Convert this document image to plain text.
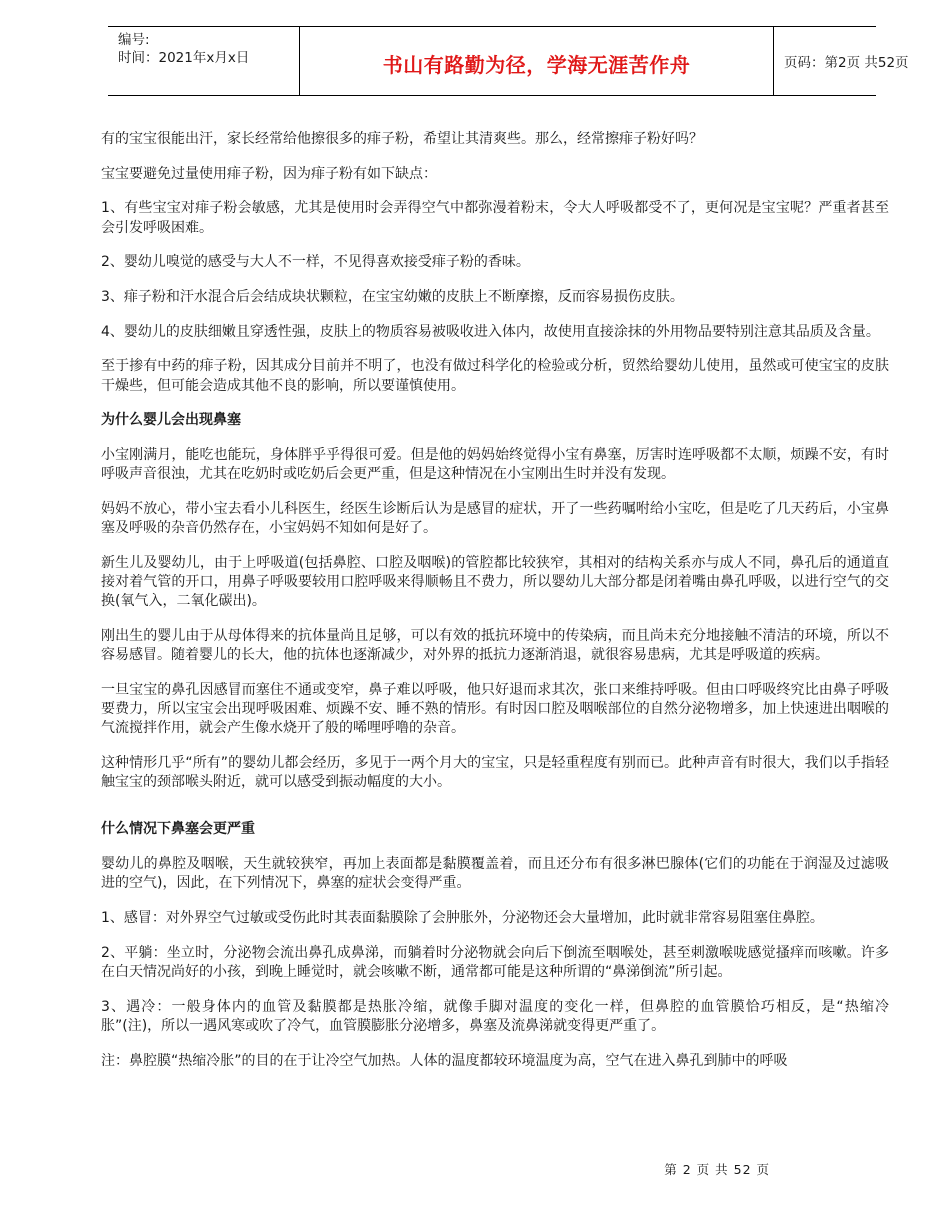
编号:
时间：2021年x月x日	书山有路勤为径，学海无涯苦作舟	页码：第2页 共52页

有的宝宝很能出汗，家长经常给他擦很多的痱子粉，希望让其清爽些。那么，经常擦痱子粉好吗？

宝宝要避免过量使用痱子粉，因为痱子粉有如下缺点：

1、有些宝宝对痱子粉会敏感，尤其是使用时会弄得空气中都弥漫着粉末，令大人呼吸都受不了，更何况是宝宝呢？严重者甚至会引发呼吸困难。

2、婴幼儿嗅觉的感受与大人不一样，不见得喜欢接受痱子粉的香味。

3、痱子粉和汗水混合后会结成块状颗粒，在宝宝幼嫩的皮肤上不断摩擦，反而容易损伤皮肤。

4、婴幼儿的皮肤细嫩且穿透性强，皮肤上的物质容易被吸收进入体内，故使用直接涂抹的外用物品要特别注意其品质及含量。

至于掺有中药的痱子粉，因其成分目前并不明了，也没有做过科学化的检验或分析，贸然给婴幼儿使用，虽然或可使宝宝的皮肤干燥些，但可能会造成其他不良的影响，所以要谨慎使用。

为什么婴儿会出现鼻塞

小宝刚满月，能吃也能玩，身体胖乎乎得很可爱。但是他的妈妈始终觉得小宝有鼻塞，厉害时连呼吸都不太顺，烦躁不安，有时呼吸声音很浊，尤其在吃奶时或吃奶后会更严重，但是这种情况在小宝刚出生时并没有发现。

妈妈不放心，带小宝去看小儿科医生，经医生诊断后认为是感冒的症状，开了一些药嘱咐给小宝吃，但是吃了几天药后，小宝鼻塞及呼吸的杂音仍然存在，小宝妈妈不知如何是好了。

新生儿及婴幼儿，由于上呼吸道(包括鼻腔、口腔及咽喉)的管腔都比较狭窄，其相对的结构关系亦与成人不同，鼻孔后的通道直接对着气管的开口，用鼻子呼吸要较用口腔呼吸来得顺畅且不费力，所以婴幼儿大部分都是闭着嘴由鼻孔呼吸，以进行空气的交换(氧气入，二氧化碳出)。

刚出生的婴儿由于从母体得来的抗体量尚且足够，可以有效的抵抗环境中的传染病，而且尚未充分地接触不清洁的环境，所以不容易感冒。随着婴儿的长大，他的抗体也逐渐减少，对外界的抵抗力逐渐消退，就很容易患病，尤其是呼吸道的疾病。

一旦宝宝的鼻孔因感冒而塞住不通或变窄，鼻子难以呼吸，他只好退而求其次，张口来维持呼吸。但由口呼吸终究比由鼻子呼吸要费力，所以宝宝会出现呼吸困难、烦躁不安、睡不熟的情形。有时因口腔及咽喉部位的自然分泌物增多，加上快速进出咽喉的气流搅拌作用，就会产生像水烧开了般的唏哩呼噜的杂音。

这种情形几乎“所有”的婴幼儿都会经历，多见于一两个月大的宝宝，只是轻重程度有别而已。此种声音有时很大，我们以手指轻触宝宝的颈部喉头附近，就可以感受到振动幅度的大小。

什么情况下鼻塞会更严重

婴幼儿的鼻腔及咽喉，天生就较狭窄，再加上表面都是黏膜覆盖着，而且还分布有很多淋巴腺体(它们的功能在于润湿及过滤吸进的空气)，因此，在下列情况下，鼻塞的症状会变得严重。

1、感冒：对外界空气过敏或受伤此时其表面黏膜除了会肿胀外，分泌物还会大量增加，此时就非常容易阻塞住鼻腔。

2、平躺：坐立时，分泌物会流出鼻孔成鼻涕，而躺着时分泌物就会向后下倒流至咽喉处，甚至刺激喉咙感觉搔痒而咳嗽。许多在白天情况尚好的小孩，到晚上睡觉时，就会咳嗽不断，通常都可能是这种所谓的“鼻涕倒流”所引起。

3、遇冷：一般身体内的血管及黏膜都是热胀冷缩，就像手脚对温度的变化一样，但鼻腔的血管膜恰巧相反，是“热缩冷胀”(注)，所以一遇风寒或吹了冷气，血管膜膨胀分泌增多，鼻塞及流鼻涕就变得更严重了。

注：鼻腔膜“热缩冷胀”的目的在于让冷空气加热。人体的温度都较环境温度为高，空气在进入鼻孔到肺中的呼吸

第 2 页 共 52 页
